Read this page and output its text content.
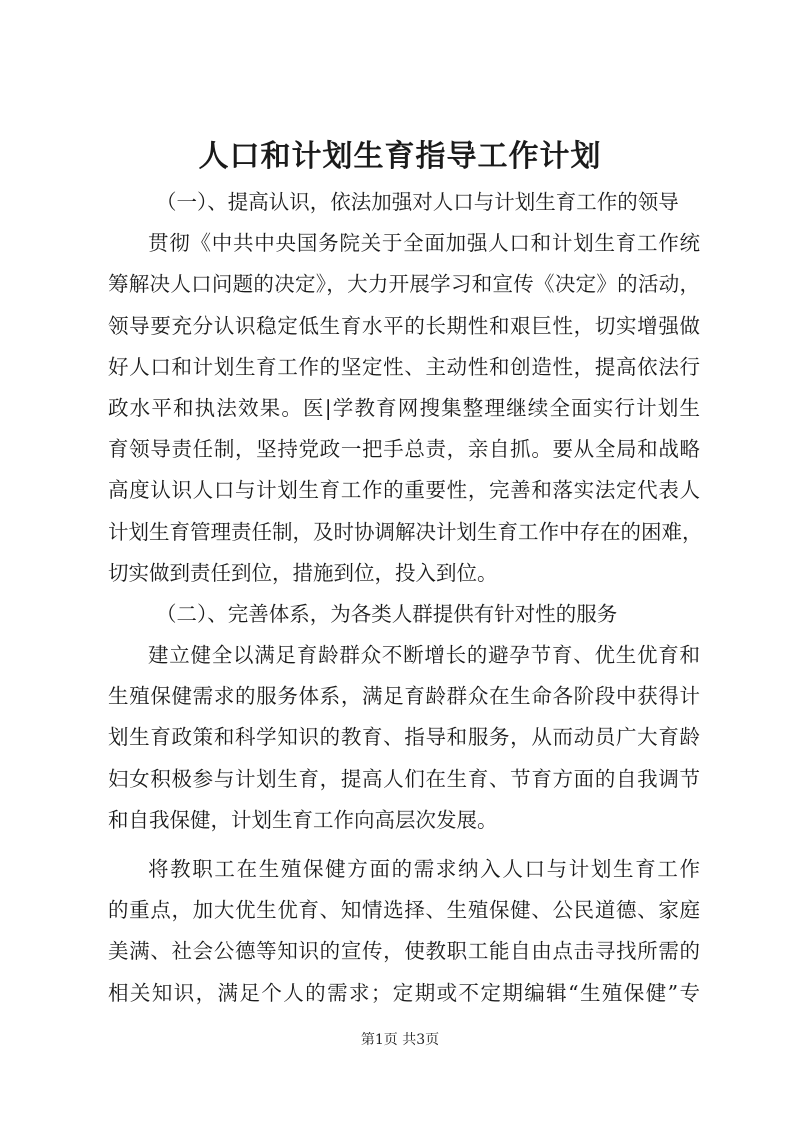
人口和计划生育指导工作计划
（一）、提高认识，依法加强对人口与计划生育工作的领导
贯彻《中共中央国务院关于全面加强人口和计划生育工作统
筹解决人口问题的决定》，大力开展学习和宣传《决定》的活动，
领导要充分认识稳定低生育水平的长期性和艰巨性，切实增强做
好人口和计划生育工作的坚定性、主动性和创造性，提高依法行
政水平和执法效果。医|学教育网搜集整理继续全面实行计划生
育领导责任制，坚持党政一把手总责，亲自抓。要从全局和战略
高度认识人口与计划生育工作的重要性，完善和落实法定代表人
计划生育管理责任制，及时协调解决计划生育工作中存在的困难，
切实做到责任到位，措施到位，投入到位。
（二）、完善体系，为各类人群提供有针对性的服务
建立健全以满足育龄群众不断增长的避孕节育、优生优育和
生殖保健需求的服务体系，满足育龄群众在生命各阶段中获得计
划生育政策和科学知识的教育、指导和服务，从而动员广大育龄
妇女积极参与计划生育，提高人们在生育、节育方面的自我调节
和自我保健，计划生育工作向高层次发展。
将教职工在生殖保健方面的需求纳入人口与计划生育工作
的重点，加大优生优育、知情选择、生殖保健、公民道德、家庭
美满、社会公德等知识的宣传，使教职工能自由点击寻找所需的
相关知识，满足个人的需求；定期或不定期编辑“生殖保健”专
第1页 共3页
